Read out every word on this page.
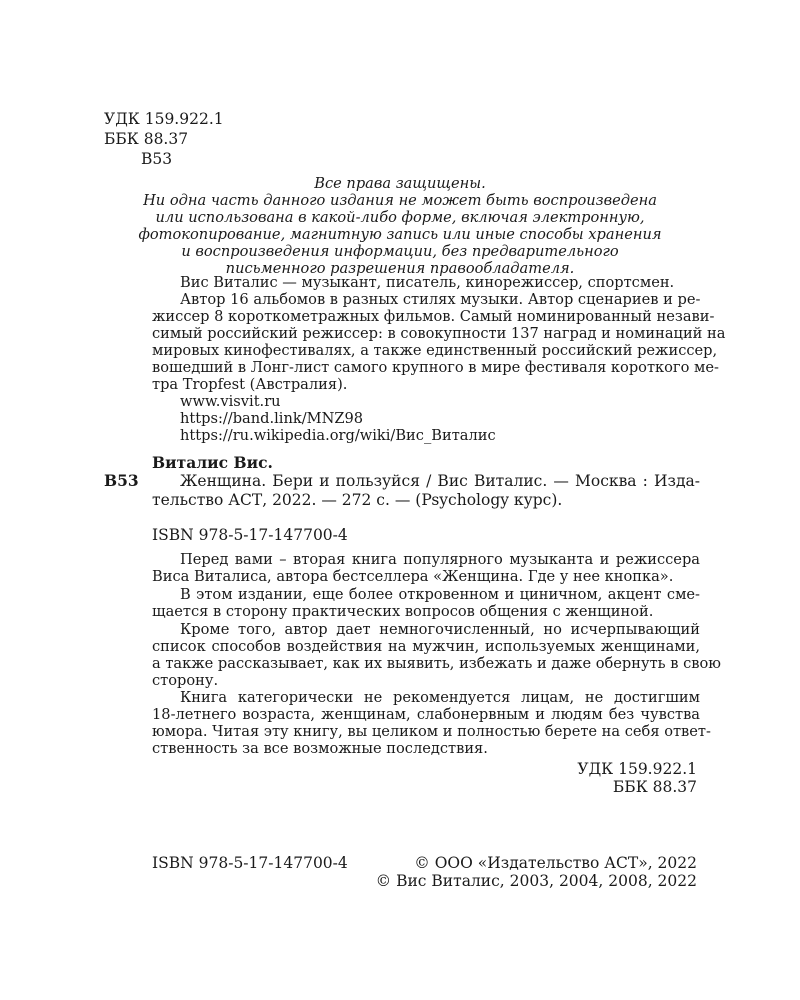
УДК 159.922.1
ББК 88.37
В53
Все права защищены.
Ни одна часть данного издания не может быть воспроизведена
или использована в какой-либо форме, включая электронную,
фотокопирование, магнитную запись или иные способы хранения
и воспроизведения информации, без предварительного
письменного разрешения правообладателя.
Вис Виталис — музыкант, писатель, кинорежиссер, спортсмен.
Автор 16 альбомов в разных стилях музыки. Автор сценариев и ре-
жиссер 8 короткометражных фильмов. Самый номинированный незави-
симый российский режиссер: в совокупности 137 наград и номинаций на
мировых кинофестивалях, а также единственный российский режиссер,
вошедший в Лонг-лист самого крупного в мире фестиваля короткого ме-
тра Tropfest (Австралия).
www.visvit.ru
https://band.link/MNZ98
https://ru.wikipedia.org/wiki/Вис_Виталис
Виталис Вис.
В53	Женщина. Бери и пользуйся / Вис Виталис. — Москва : Изда-
тельство АСТ, 2022. — 272 с. — (Psychology курс).
ISBN 978-5-17-147700-4
Перед вами – вторая книга популярного музыканта и режиссера
Виса Виталиса, автора бестселлера «Женщина. Где у нее кнопка».
В этом издании, еще более откровенном и циничном, акцент сме-
щается в сторону практических вопросов общения с женщиной.
Кроме того, автор дает немногочисленный, но исчерпывающий
список способов воздействия на мужчин, используемых женщинами,
а также рассказывает, как их выявить, избежать и даже обернуть в свою
сторону.
Книга категорически не рекомендуется лицам, не достигшим
18-летнего возраста, женщинам, слабонервным и людям без чувства
юмора. Читая эту книгу, вы целиком и полностью берете на себя ответ-
ственность за все возможные последствия.
УДК 159.922.1
ББК 88.37
ISBN 978-5-17-147700-4	© ООО «Издательство АСТ», 2022
© Вис Виталис, 2003, 2004, 2008, 2022
